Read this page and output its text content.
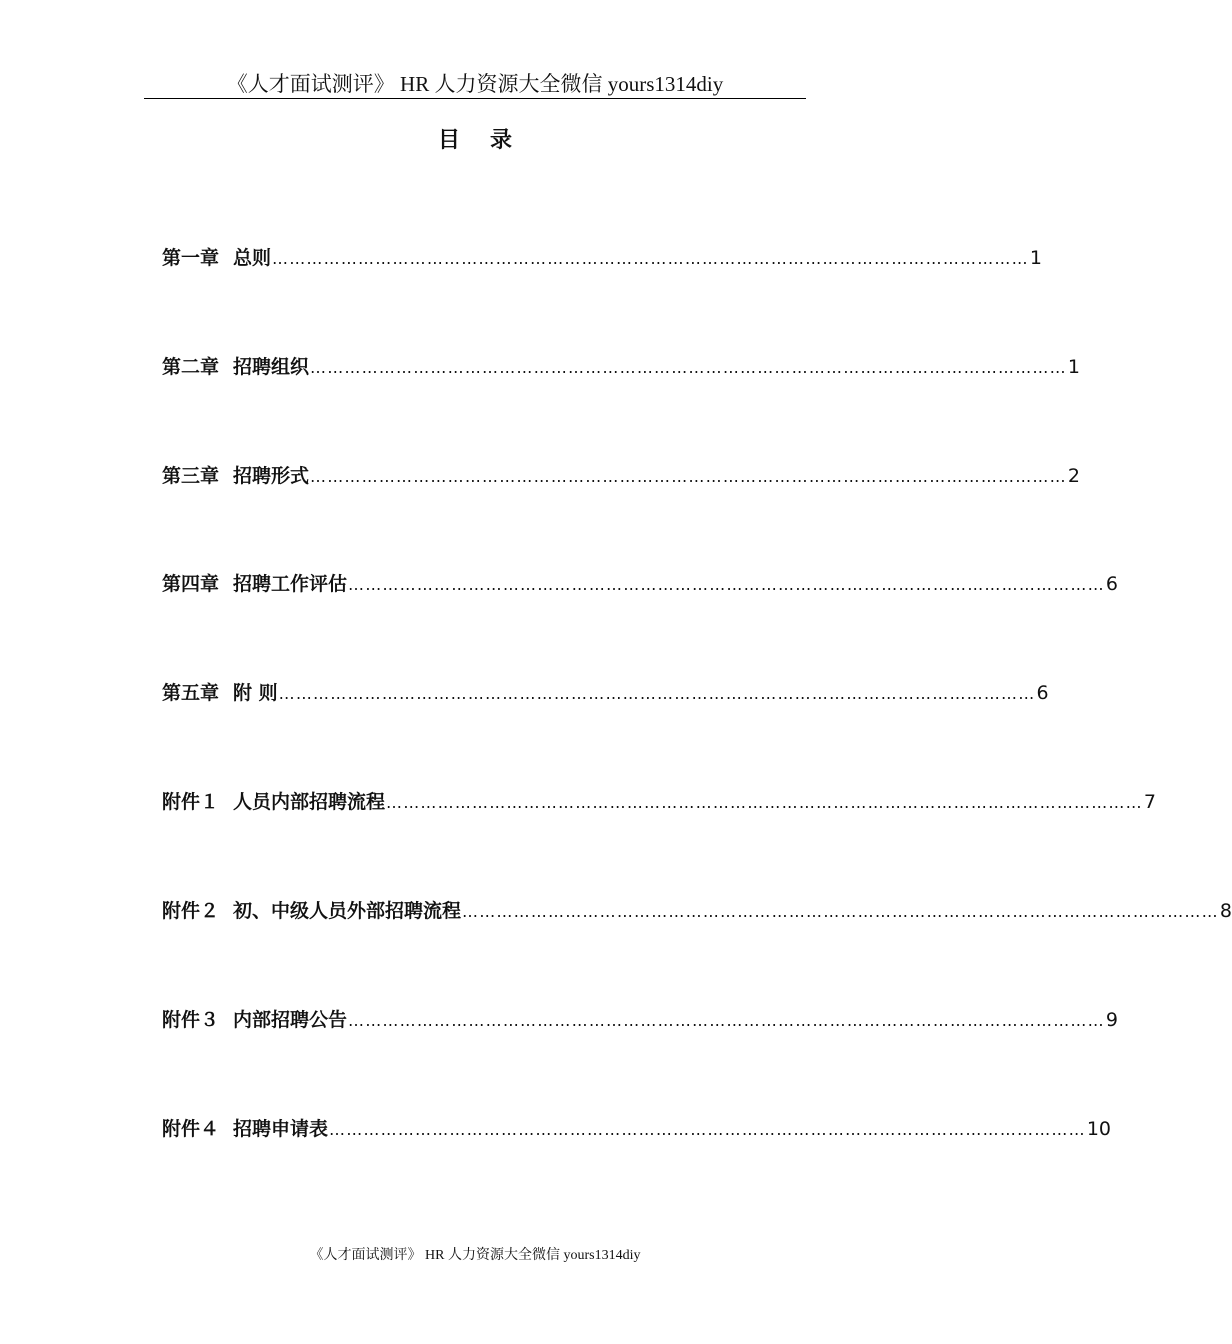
《人才面试测评》 HR 人力资源大全微信 yours1314diy
目录
第一章 总则 …………………………………………………………………………………………………………………… 1
第二章 招聘组织 …………………………………………………………………………………………………………………… 1
第三章 招聘形式 …………………………………………………………………………………………………………………… 2
第四章 招聘工作评估 …………………………………………………………………………………………………………………… 6
第五章 附 则 …………………………………………………………………………………………………………………… 6
附件１ 人员内部招聘流程 …………………………………………………………………………………………………………………… 7
附件２ 初、中级人员外部招聘流程 …………………………………………………………………………………………………………………… 8
附件３ 内部招聘公告 …………………………………………………………………………………………………………………… 9
附件４ 招聘申请表 …………………………………………………………………………………………………………………… 10
《人才面试测评》 HR 人力资源大全微信 yours1314diy
